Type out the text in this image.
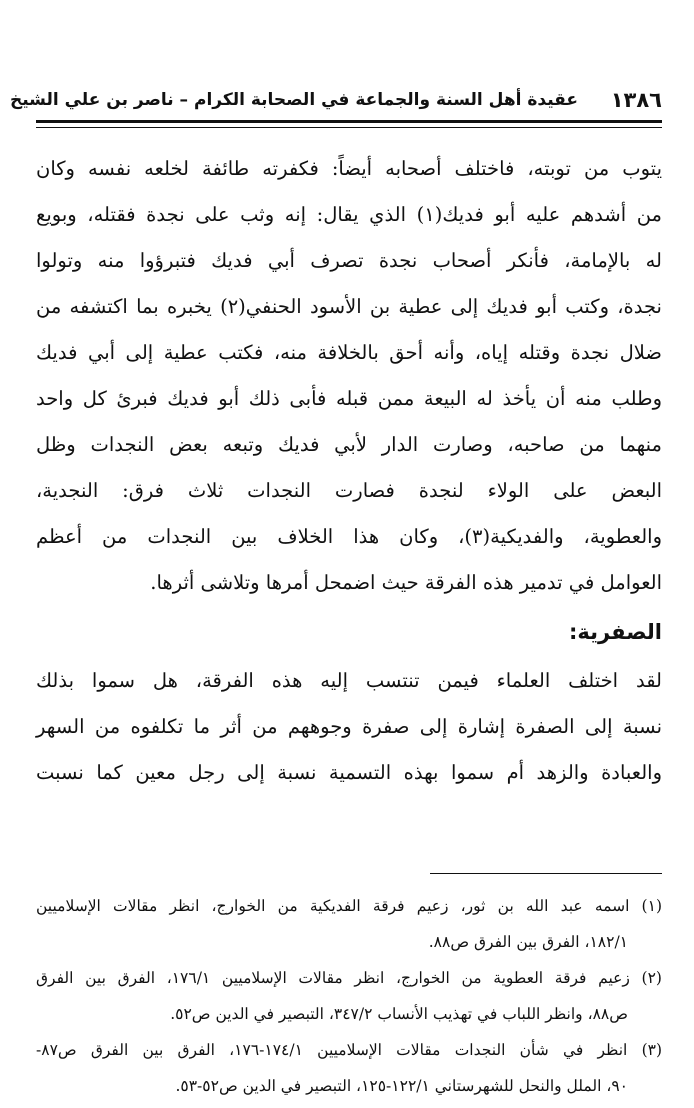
١٣٨٦
عقيدة أهل السنة والجماعة في الصحابة الكرام – ناصر بن علي الشيخ
يتوب من توبته، فاختلف أصحابه أيضاً: فكفرته طائفة لخلعه نفسه وكان
من أشدهم عليه أبو فديك(١) الذي يقال: إنه وثب على نجدة فقتله، وبويع
له بالإمامة، فأنكر أصحاب نجدة تصرف أبي فديك فتبرؤوا منه وتولوا
نجدة، وكتب أبو فديك إلى عطية بن الأسود الحنفي(٢) يخبره بما اكتشفه من
ضلال نجدة وقتله إياه، وأنه أحق بالخلافة منه، فكتب عطية إلى أبي فديك
وطلب منه أن يأخذ له البيعة ممن قبله فأبى ذلك أبو فديك فبرئ كل واحد
منهما من صاحبه، وصارت الدار لأبي فديك وتبعه بعض النجدات وظل
البعض على الولاء لنجدة فصارت النجدات ثلاث فرق: النجدية،
والعطوية، والفديكية(٣)، وكان هذا الخلاف بين النجدات من أعظم
العوامل في تدمير هذه الفرقة حيث اضمحل أمرها وتلاشى أثرها.
الصفرية:
لقد اختلف العلماء فيمن تنتسب إليه هذه الفرقة، هل سموا بذلك
نسبة إلى الصفرة إشارة إلى صفرة وجوههم من أثر ما تكلفوه من السهر
والعبادة والزهد أم سموا بهذه التسمية نسبة إلى رجل معين كما نسبت
(١) اسمه عبد الله بن ثور، زعيم فرقة الفديكية من الخوارج، انظر مقالات الإسلاميين
١٨٢/١، الفرق بين الفرق ص٨٨.
(٢) زعيم فرقة العطوية من الخوارج، انظر مقالات الإسلاميين ١٧٦/١، الفرق بين الفرق
ص٨٨، وانظر اللباب في تهذيب الأنساب ٣٤٧/٢، التبصير في الدين ص٥٢.
(٣) انظر في شأن النجدات مقالات الإسلاميين ١٧٤/١-١٧٦، الفرق بين الفرق ص٨٧-
٩٠، الملل والنحل للشهرستاني ١٢٢/١-١٢٥، التبصير في الدين ص٥٢-٥٣.
